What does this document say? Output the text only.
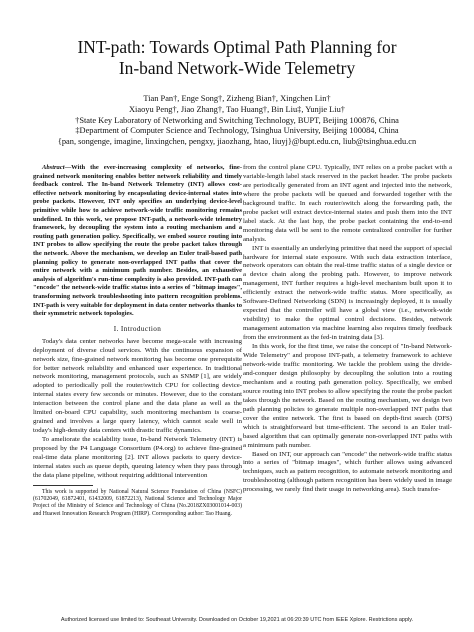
INT-path: Towards Optimal Path Planning for
In-band Network-Wide Telemetry
Tian Pan†, Enge Song†, Zizheng Bian†, Xingchen Lin†
Xiaoyu Peng†, Jiao Zhang†, Tao Huang†, Bin Liu‡, Yunjie Liu†
†State Key Laboratory of Networking and Switching Technology, BUPT, Beijing 100876, China
‡Department of Computer Science and Technology, Tsinghua University, Beijing 100084, China
{pan, songenge, imagine, linxingchen, pengxy, jiaozhang, htao, liuyj}@bupt.edu.cn, liub@tsinghua.edu.cn

Abstract—With the ever-increasing complexity of networks, fine-grained network monitoring enables better network reliability and timely feedback control. The In-band Network Telemetry (INT) allows cost-effective network monitoring by encapsulating device-internal states into probe packets. However, INT only specifies an underlying device-level primitive while how to achieve network-wide traffic monitoring remains undefined. In this work, we propose INT-path, a network-wide telemetry framework, by decoupling the system into a routing mechanism and a routing path generation policy. Specifically, we embed source routing into INT probes to allow specifying the route the probe packet takes through the network. Above the mechanism, we develop an Euler trail-based path planning policy to generate non-overlapped INT paths that cover the entire network with a minimum path number. Besides, an exhaustive analysis of algorithm's run-time complexity is also provided. INT-path can "encode" the network-wide traffic status into a series of "bitmap images", transforming network troubleshooting into pattern recognition problems. INT-path is very suitable for deployment in data center networks thanks to their symmetric network topologies.

I. Introduction

Today's data center networks have become mega-scale with increasing deployment of diverse cloud services. With the continuous expansion of network size, fine-grained network monitoring has become one prerequisite for better network reliability and enhanced user experience. In traditional network monitoring, management protocols, such as SNMP [1], are widely adopted to periodically poll the router/switch CPU for collecting device-internal states every few seconds or minutes. However, due to the constant interaction between the control plane and the data plane as well as the limited on-board CPU capability, such monitoring mechanism is coarse-grained and involves a large query latency, which cannot scale well in today's high-density data centers with drastic traffic dynamics.

To ameliorate the scalability issue, In-band Network Telemetry (INT) is proposed by the P4 Language Consortium (P4.org) to achieve fine-grained real-time data plane monitoring [2]. INT allows packets to query device-internal states such as queue depth, queuing latency when they pass through the data plane pipeline, without requiring additional intervention

This work is supported by National Natural Science Foundation of China (NSFC) (61702049, 61872401, 61432009, 61872213), National Science and Technology Major Project of the Ministry of Science and Technology of China (No.2018ZX03001014-003) and Huawei Innovation Research Program (HIRP). Corresponding author: Tao Huang.

from the control plane CPU. Typically, INT relies on a probe packet with a variable-length label stack reserved in the packet header. The probe packets are periodically generated from an INT agent and injected into the network, where the probe packets will be queued and forwarded together with the background traffic. In each router/switch along the forwarding path, the probe packet will extract device-internal states and push them into the INT label stack. At the last hop, the probe packet containing the end-to-end monitoring data will be sent to the remote centralized controller for further analysis.

INT is essentially an underlying primitive that need the support of special hardware for internal state exposure. With such data extraction interface, network operators can obtain the real-time traffic status of a single device or a device chain along the probing path. However, to improve network management, INT further requires a high-level mechanism built upon it to efficiently extract the network-wide traffic status. More specifically, as Software-Defined Networking (SDN) is increasingly deployed, it is usually expected that the controller will have a global view (i.e., network-wide visibility) to make the optimal control decisions. Besides, network management automation via machine learning also requires timely feedback from the environment as the fed-in training data [3].

In this work, for the first time, we raise the concept of "In-band Network-Wide Telemetry" and propose INT-path, a telemetry framework to achieve network-wide traffic monitoring. We tackle the problem using the divide-and-conquer design philosophy by decoupling the solution into a routing mechanism and a routing path generation policy. Specifically, we embed source routing into INT probes to allow specifying the route the probe packet takes through the network. Based on the routing mechanism, we design two path planning policies to generate multiple non-overlapped INT paths that cover the entire network. The first is based on depth-first search (DFS) which is straightforward but time-efficient. The second is an Euler trail-based algorithm that can optimally generate non-overlapped INT paths with a minimum path number.

Based on INT, our approach can "encode" the network-wide traffic status into a series of "bitmap images", which further allows using advanced techniques, such as pattern recognition, to automate network monitoring and troubleshooting (although pattern recognition has been widely used in image processing, we rarely find their usage in networking area). Such transfor-

Authorized licensed use limited to: Southeast University. Downloaded on October 19,2021 at 06:20:39 UTC from IEEE Xplore. Restrictions apply.
